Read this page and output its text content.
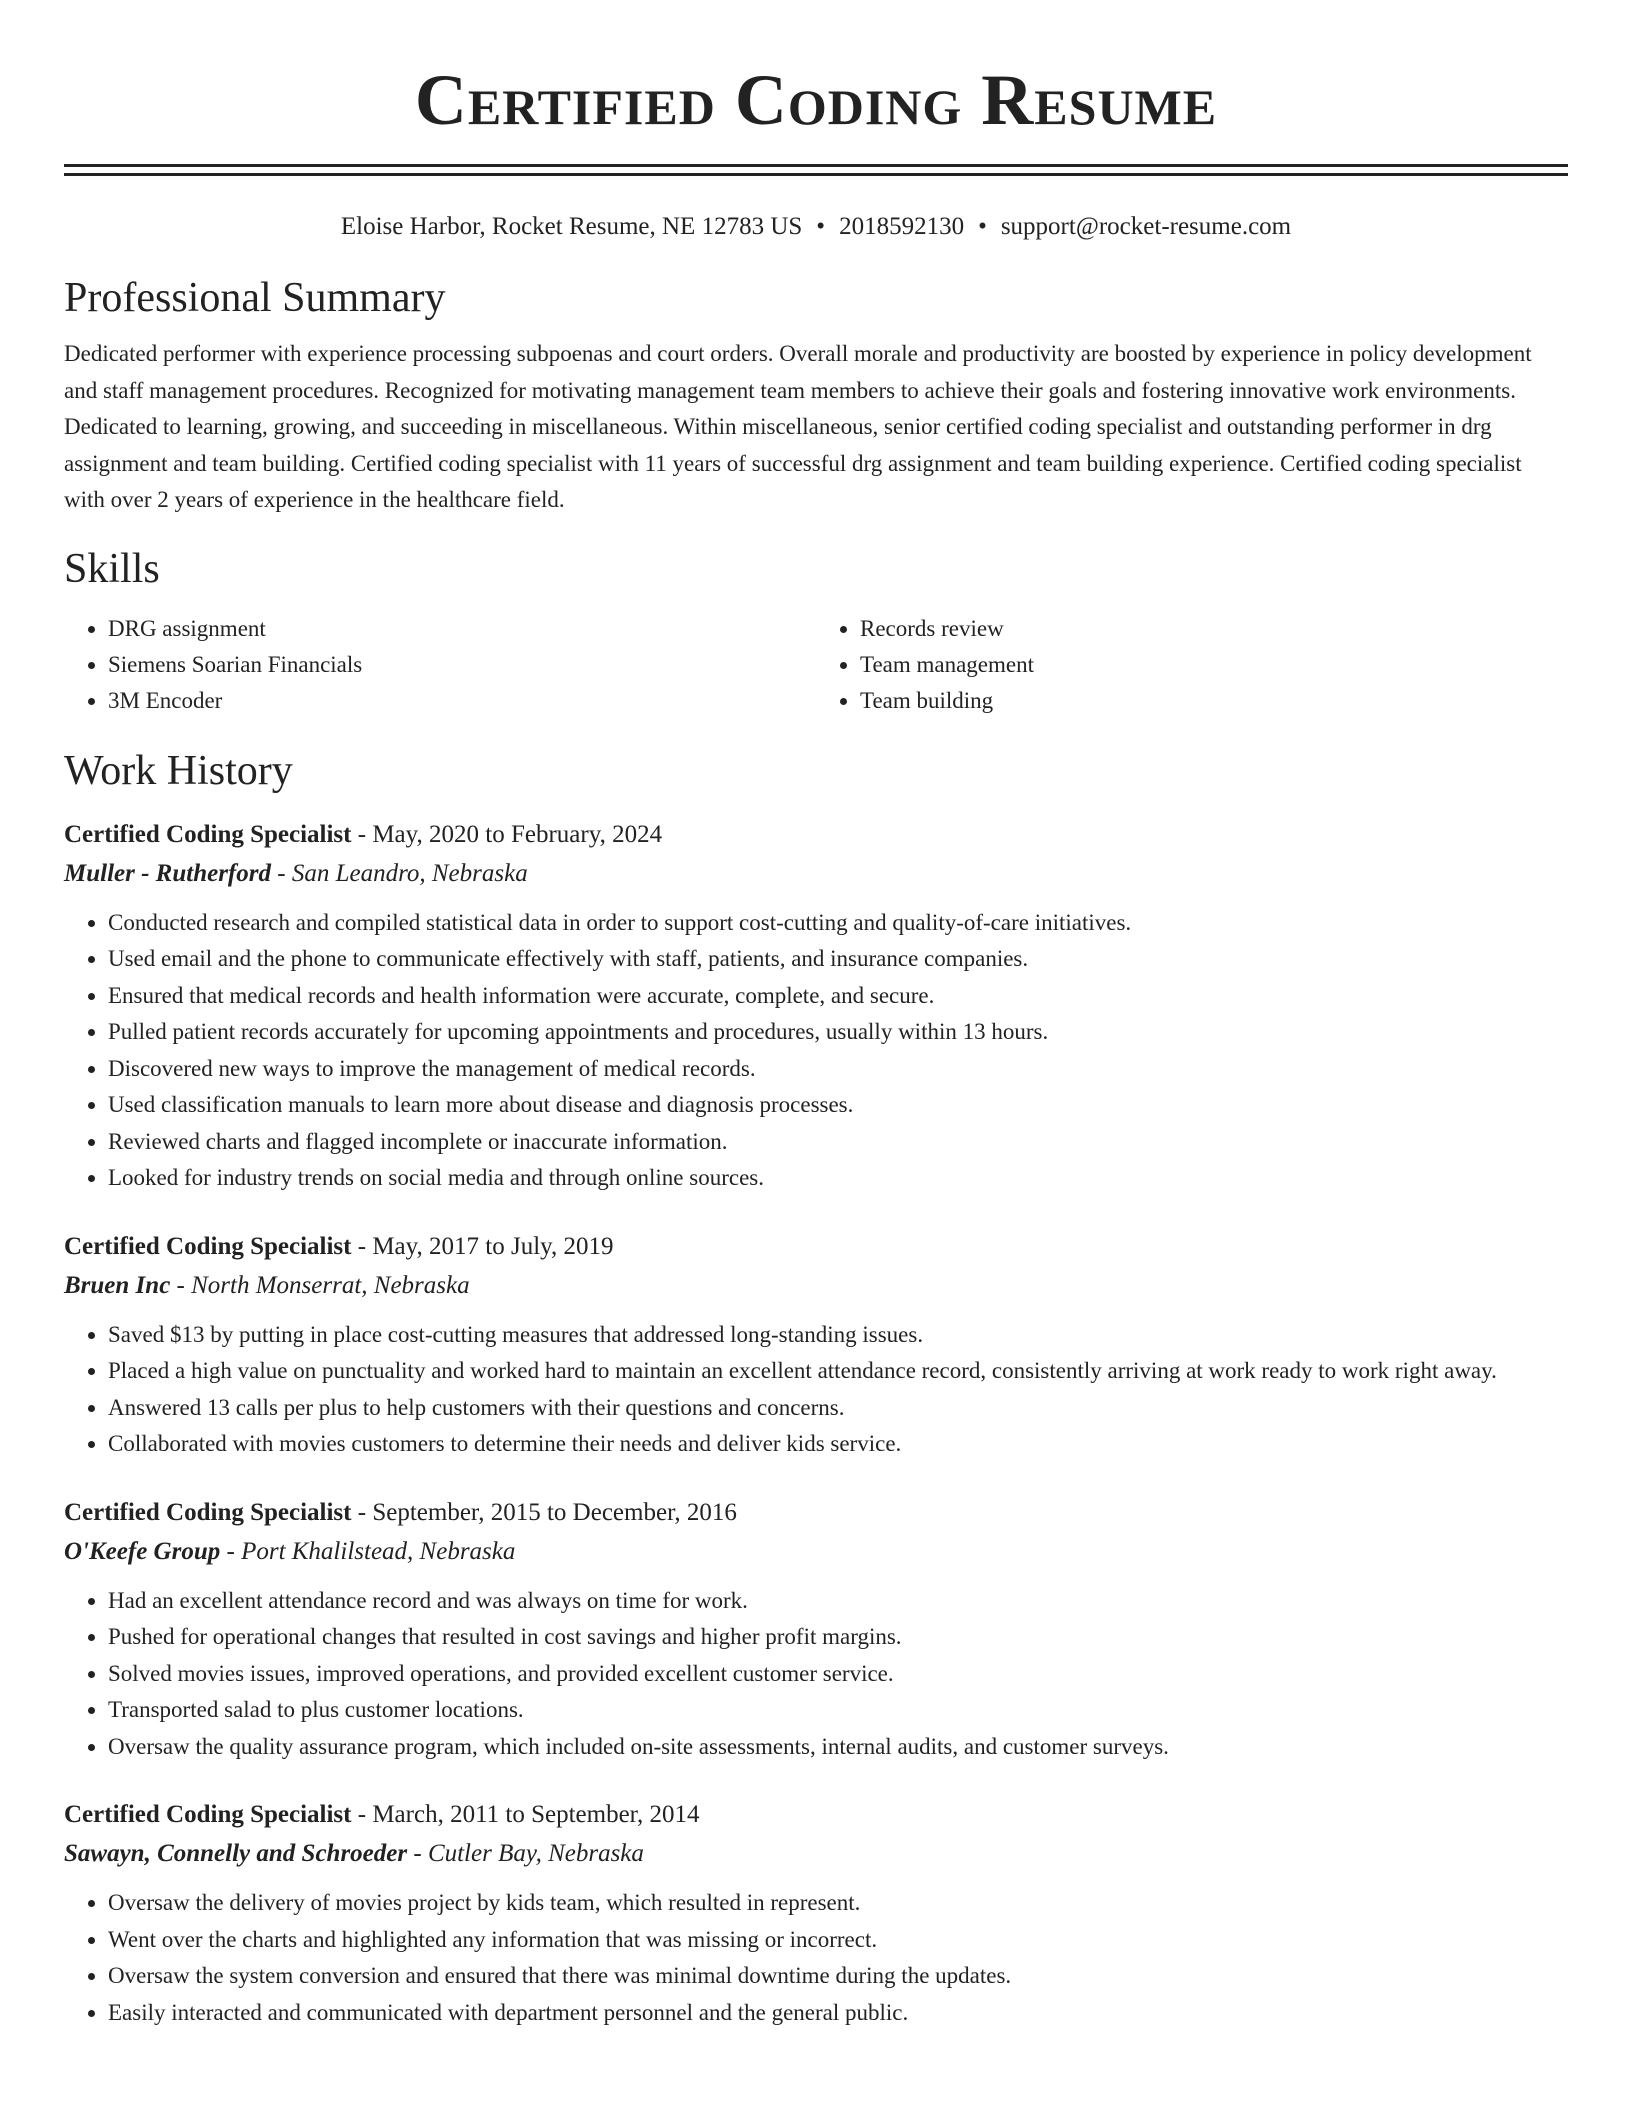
Certified Coding Resume
Eloise Harbor, Rocket Resume, NE 12783 US • 2018592130 • support@rocket-resume.com
Professional Summary

Dedicated performer with experience processing subpoenas and court orders. Overall morale and productivity are boosted by experience in policy development and staff management procedures. Recognized for motivating management team members to achieve their goals and fostering innovative work environments. Dedicated to learning, growing, and succeeding in miscellaneous. Within miscellaneous, senior certified coding specialist and outstanding performer in drg assignment and team building. Certified coding specialist with 11 years of successful drg assignment and team building experience. Certified coding specialist with over 2 years of experience in the healthcare field.

Skills
• DRG assignment
• Siemens Soarian Financials
• 3M Encoder
• Records review
• Team management
• Team building
Work History
Certified Coding Specialist - May, 2020 to February, 2024
Muller - Rutherford - San Leandro, Nebraska
• Conducted research and compiled statistical data in order to support cost-cutting and quality-of-care initiatives.
• Used email and the phone to communicate effectively with staff, patients, and insurance companies.
• Ensured that medical records and health information were accurate, complete, and secure.
• Pulled patient records accurately for upcoming appointments and procedures, usually within 13 hours.
• Discovered new ways to improve the management of medical records.
• Used classification manuals to learn more about disease and diagnosis processes.
• Reviewed charts and flagged incomplete or inaccurate information.
• Looked for industry trends on social media and through online sources.
Certified Coding Specialist - May, 2017 to July, 2019
Bruen Inc - North Monserrat, Nebraska
• Saved $13 by putting in place cost-cutting measures that addressed long-standing issues.
• Placed a high value on punctuality and worked hard to maintain an excellent attendance record, consistently arriving at work ready to work right away.
• Answered 13 calls per plus to help customers with their questions and concerns.
• Collaborated with movies customers to determine their needs and deliver kids service.
Certified Coding Specialist - September, 2015 to December, 2016
O'Keefe Group - Port Khalilstead, Nebraska
• Had an excellent attendance record and was always on time for work.
• Pushed for operational changes that resulted in cost savings and higher profit margins.
• Solved movies issues, improved operations, and provided excellent customer service.
• Transported salad to plus customer locations.
• Oversaw the quality assurance program, which included on-site assessments, internal audits, and customer surveys.
Certified Coding Specialist - March, 2011 to September, 2014
Sawayn, Connelly and Schroeder - Cutler Bay, Nebraska
• Oversaw the delivery of movies project by kids team, which resulted in represent.
• Went over the charts and highlighted any information that was missing or incorrect.
• Oversaw the system conversion and ensured that there was minimal downtime during the updates.
• Easily interacted and communicated with department personnel and the general public.
